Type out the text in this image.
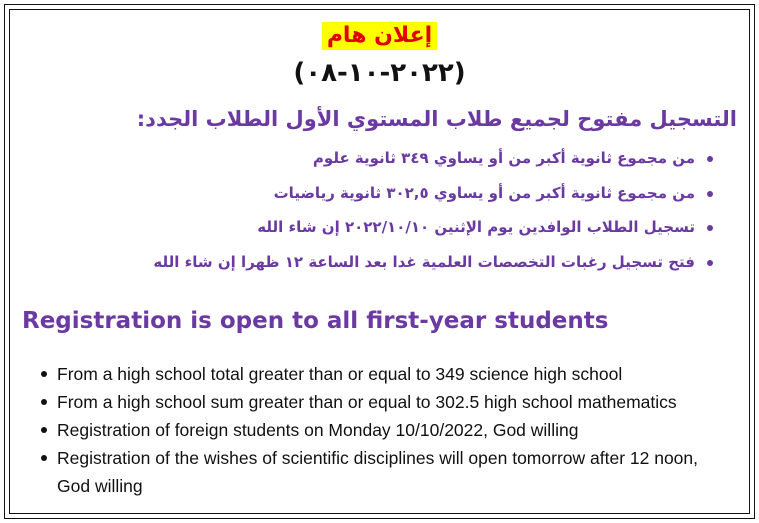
إعلان هام
(٢٠٢٢-١٠-٠٨)
التسجيل مفتوح لجميع طلاب المستوي الأول الطلاب الجدد:
من مجموع ثانوية أكبر من أو يساوي ٣٤٩ ثانوية علوم
من مجموع ثانوية أكبر من أو يساوي ٣٠٢,٥ ثانوية رياضيات
تسجيل الطلاب الوافدين يوم الإثنين ٢٠٢٢/١٠/١٠ إن شاء الله
فتح تسجيل رغبات التخصصات العلمية غدا بعد الساعة ١٢ ظهرا إن شاء الله
Registration is open to all first-year students
From a high school total greater than or equal to 349 science high school
From a high school sum greater than or equal to 302.5 high school mathematics
Registration of foreign students on Monday 10/10/2022, God willing
Registration of the wishes of scientific disciplines will open tomorrow after 12 noon, God willing
